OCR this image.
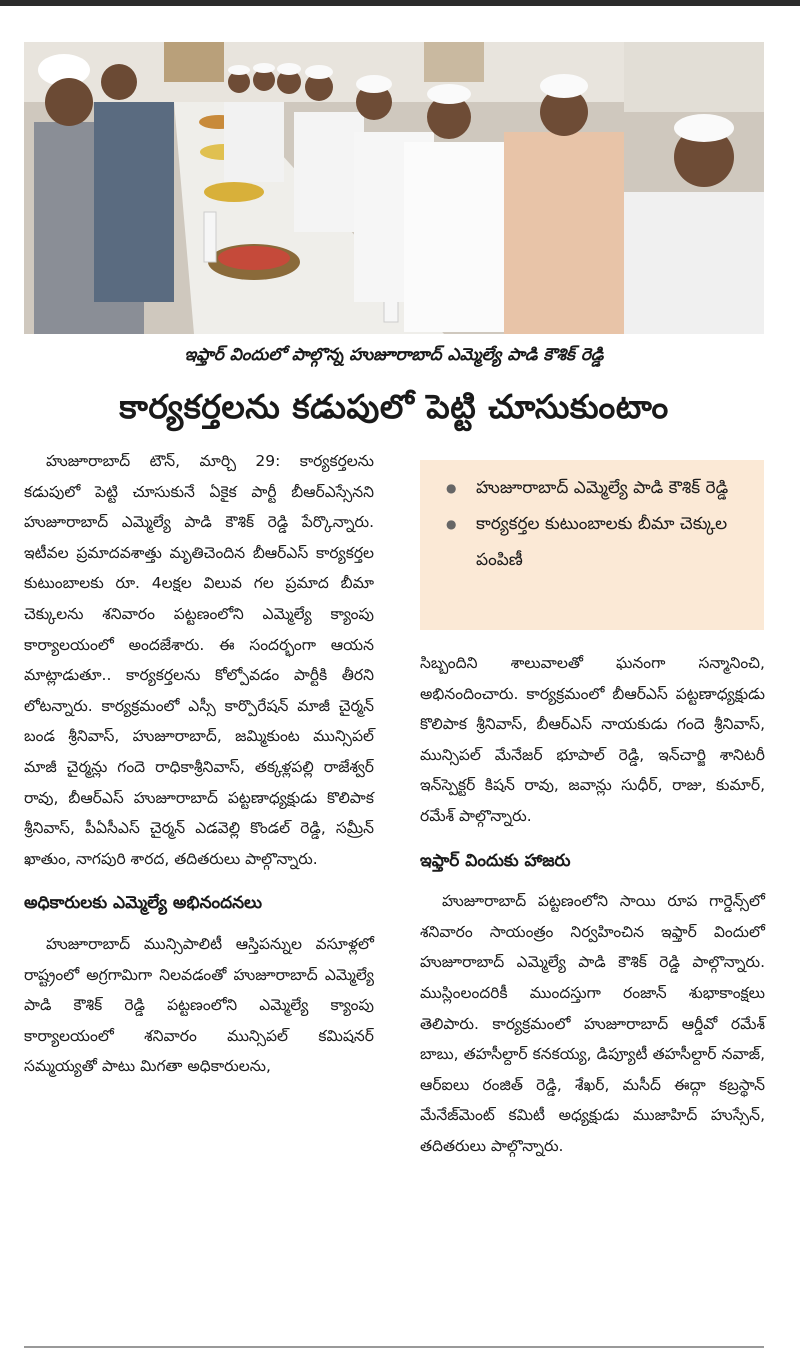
ఇఫ్తార్ విందులో పాల్గొన్న హుజూరాబాద్ ఎమ్మెల్యే పాడి కౌశిక్ రెడ్డి
కార్యకర్తలను కడుపులో పెట్టి చూసుకుంటాం

హుజూరాబాద్ టౌన్, మార్చి 29: కార్యకర్తలను కడుపులో పెట్టి చూసుకునే ఏకైక పార్టీ బీఆర్ఎస్సేనని హుజూరాబాద్ ఎమ్మెల్యే పాడి కౌశిక్ రెడ్డి పేర్కొన్నారు. ఇటీవల ప్రమాదవశాత్తు మృతిచెందిన బీఆర్ఎస్ కార్యకర్తల కుటుంబాలకు రూ. 4లక్షల విలువ గల ప్రమాద బీమా చెక్కులను శనివారం పట్టణంలోని ఎమ్మెల్యే క్యాంపు కార్యాలయంలో అందజేశారు. ఈ సందర్భంగా ఆయన మాట్లాడుతూ.. కార్యకర్తలను కోల్పోవడం పార్టీకి తీరని లోటన్నారు. కార్యక్రమంలో ఎస్సీ కార్పొరేషన్ మాజీ చైర్మన్ బండ శ్రీనివాస్, హుజూరాబాద్, జమ్మికుంట మున్సిపల్ మాజీ చైర్మన్లు గందె రాధికాశ్రీనివాస్, తక్కళ్లపల్లి రాజేశ్వర్ రావు, బీఆర్ఎస్ హుజూరాబాద్ పట్టణాధ్యక్షుడు కొలిపాక శ్రీనివాస్, పీఏసీఎస్ చైర్మన్ ఎడవెల్లి కొండల్ రెడ్డి, సమ్రీన్ ఖాతుం, నాగపురి శారద, తదితరులు పాల్గొన్నారు.

అధికారులకు ఎమ్మెల్యే అభినందనలు

హుజూరాబాద్ మున్సిపాలిటీ ఆస్తిపన్నుల వసూళ్లలో రాష్ట్రంలో అగ్రగామిగా నిలవడంతో హుజూరాబాద్ ఎమ్మెల్యే పాడి కౌశిక్ రెడ్డి పట్టణంలోని ఎమ్మెల్యే క్యాంపు కార్యాలయంలో శనివారం మున్సిపల్ కమిషనర్ సమ్మయ్యతో పాటు మిగతా అధికారులను,

● హుజూరాబాద్ ఎమ్మెల్యే పాడి కౌశిక్ రెడ్డి
● కార్యకర్తల కుటుంబాలకు బీమా చెక్కుల పంపిణీ

సిబ్బందిని శాలువాలతో ఘనంగా సన్మానించి, అభినందించారు. కార్యక్రమంలో బీఆర్ఎస్ పట్టణాధ్యక్షుడు కొలిపాక శ్రీనివాస్, బీఆర్ఎస్ నాయకుడు గందె శ్రీనివాస్, మున్సిపల్ మేనేజర్ భూపాల్ రెడ్డి, ఇన్‌చార్జి శానిటరీ ఇన్‌స్పెక్టర్ కిషన్ రావు, జవాన్లు సుధీర్, రాజు, కుమార్, రమేశ్ పాల్గొన్నారు.

ఇఫ్తార్ విందుకు హాజరు

హుజూరాబాద్ పట్టణంలోని సాయి రూప గార్డెన్స్‌లో శనివారం సాయంత్రం నిర్వహించిన ఇఫ్తార్ విందులో హుజూరాబాద్ ఎమ్మెల్యే పాడి కౌశిక్ రెడ్డి పాల్గొన్నారు. ముస్లింలందరికీ ముందస్తుగా రంజాన్ శుభాకాంక్షలు తెలిపారు. కార్యక్రమంలో హుజూరాబాద్ ఆర్డీవో రమేశ్ బాబు, తహసీల్దార్ కనకయ్య, డిప్యూటీ తహసీల్దార్ నవాజ్, ఆర్ఐలు రంజిత్ రెడ్డి, శేఖర్, మసీద్ ఈద్గా కబ్రస్థాన్ మేనేజ్‌మెంట్ కమిటీ అధ్యక్షుడు ముజాహిద్ హుస్సేన్, తదితరులు పాల్గొన్నారు.
